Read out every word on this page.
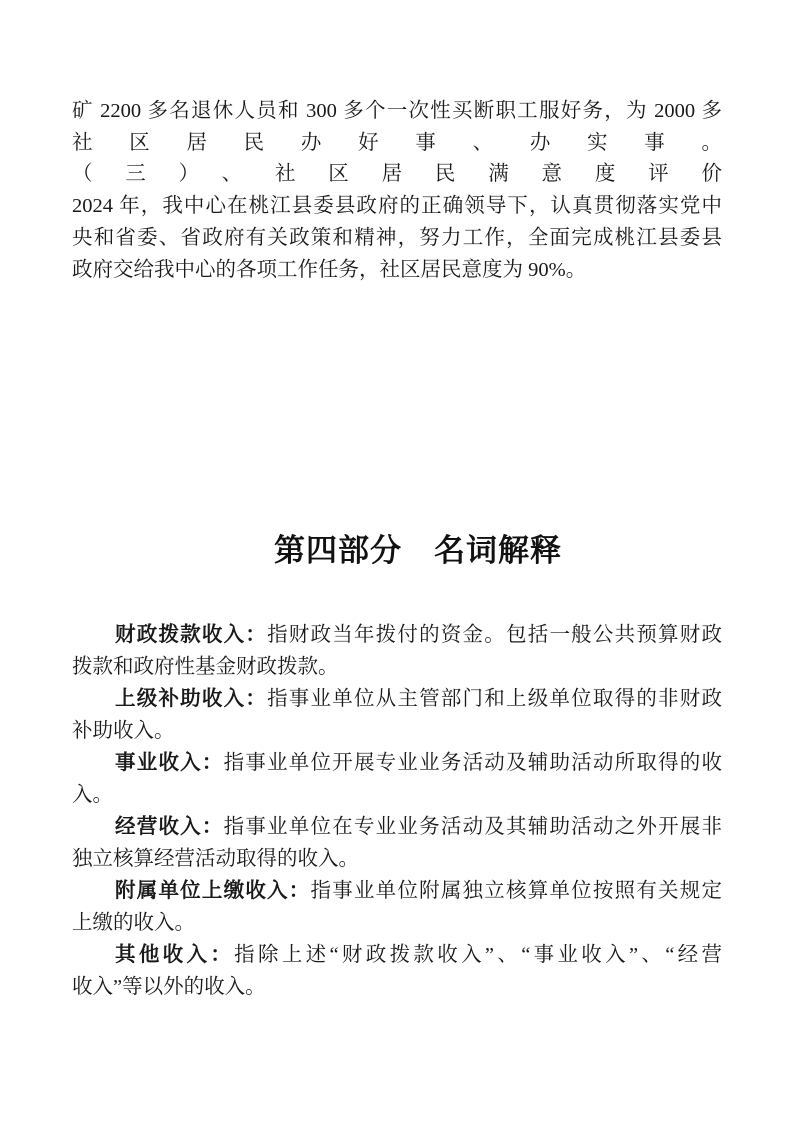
矿 2200 多名退休人员和 300 多个一次性买断职工服好务，为 2000 多
社区居民办好事、办实事。
（三）、社区居民满意度评价
2024 年，我中心在桃江县委县政府的正确领导下，认真贯彻落实党中
央和省委、省政府有关政策和精神，努力工作，全面完成桃江县委县
政府交给我中心的各项工作任务，社区居民意度为 90%。
第四部分　名词解释
财政拨款收入：指财政当年拨付的资金。包括一般公共预算财政
拨款和政府性基金财政拨款。
上级补助收入：指事业单位从主管部门和上级单位取得的非财政
补助收入。
事业收入：指事业单位开展专业业务活动及辅助活动所取得的收
入。
经营收入：指事业单位在专业业务活动及其辅助活动之外开展非
独立核算经营活动取得的收入。
附属单位上缴收入：指事业单位附属独立核算单位按照有关规定
上缴的收入。
其他收入：指除上述“财政拨款收入”、“事业收入”、“经营
收入”等以外的收入。
